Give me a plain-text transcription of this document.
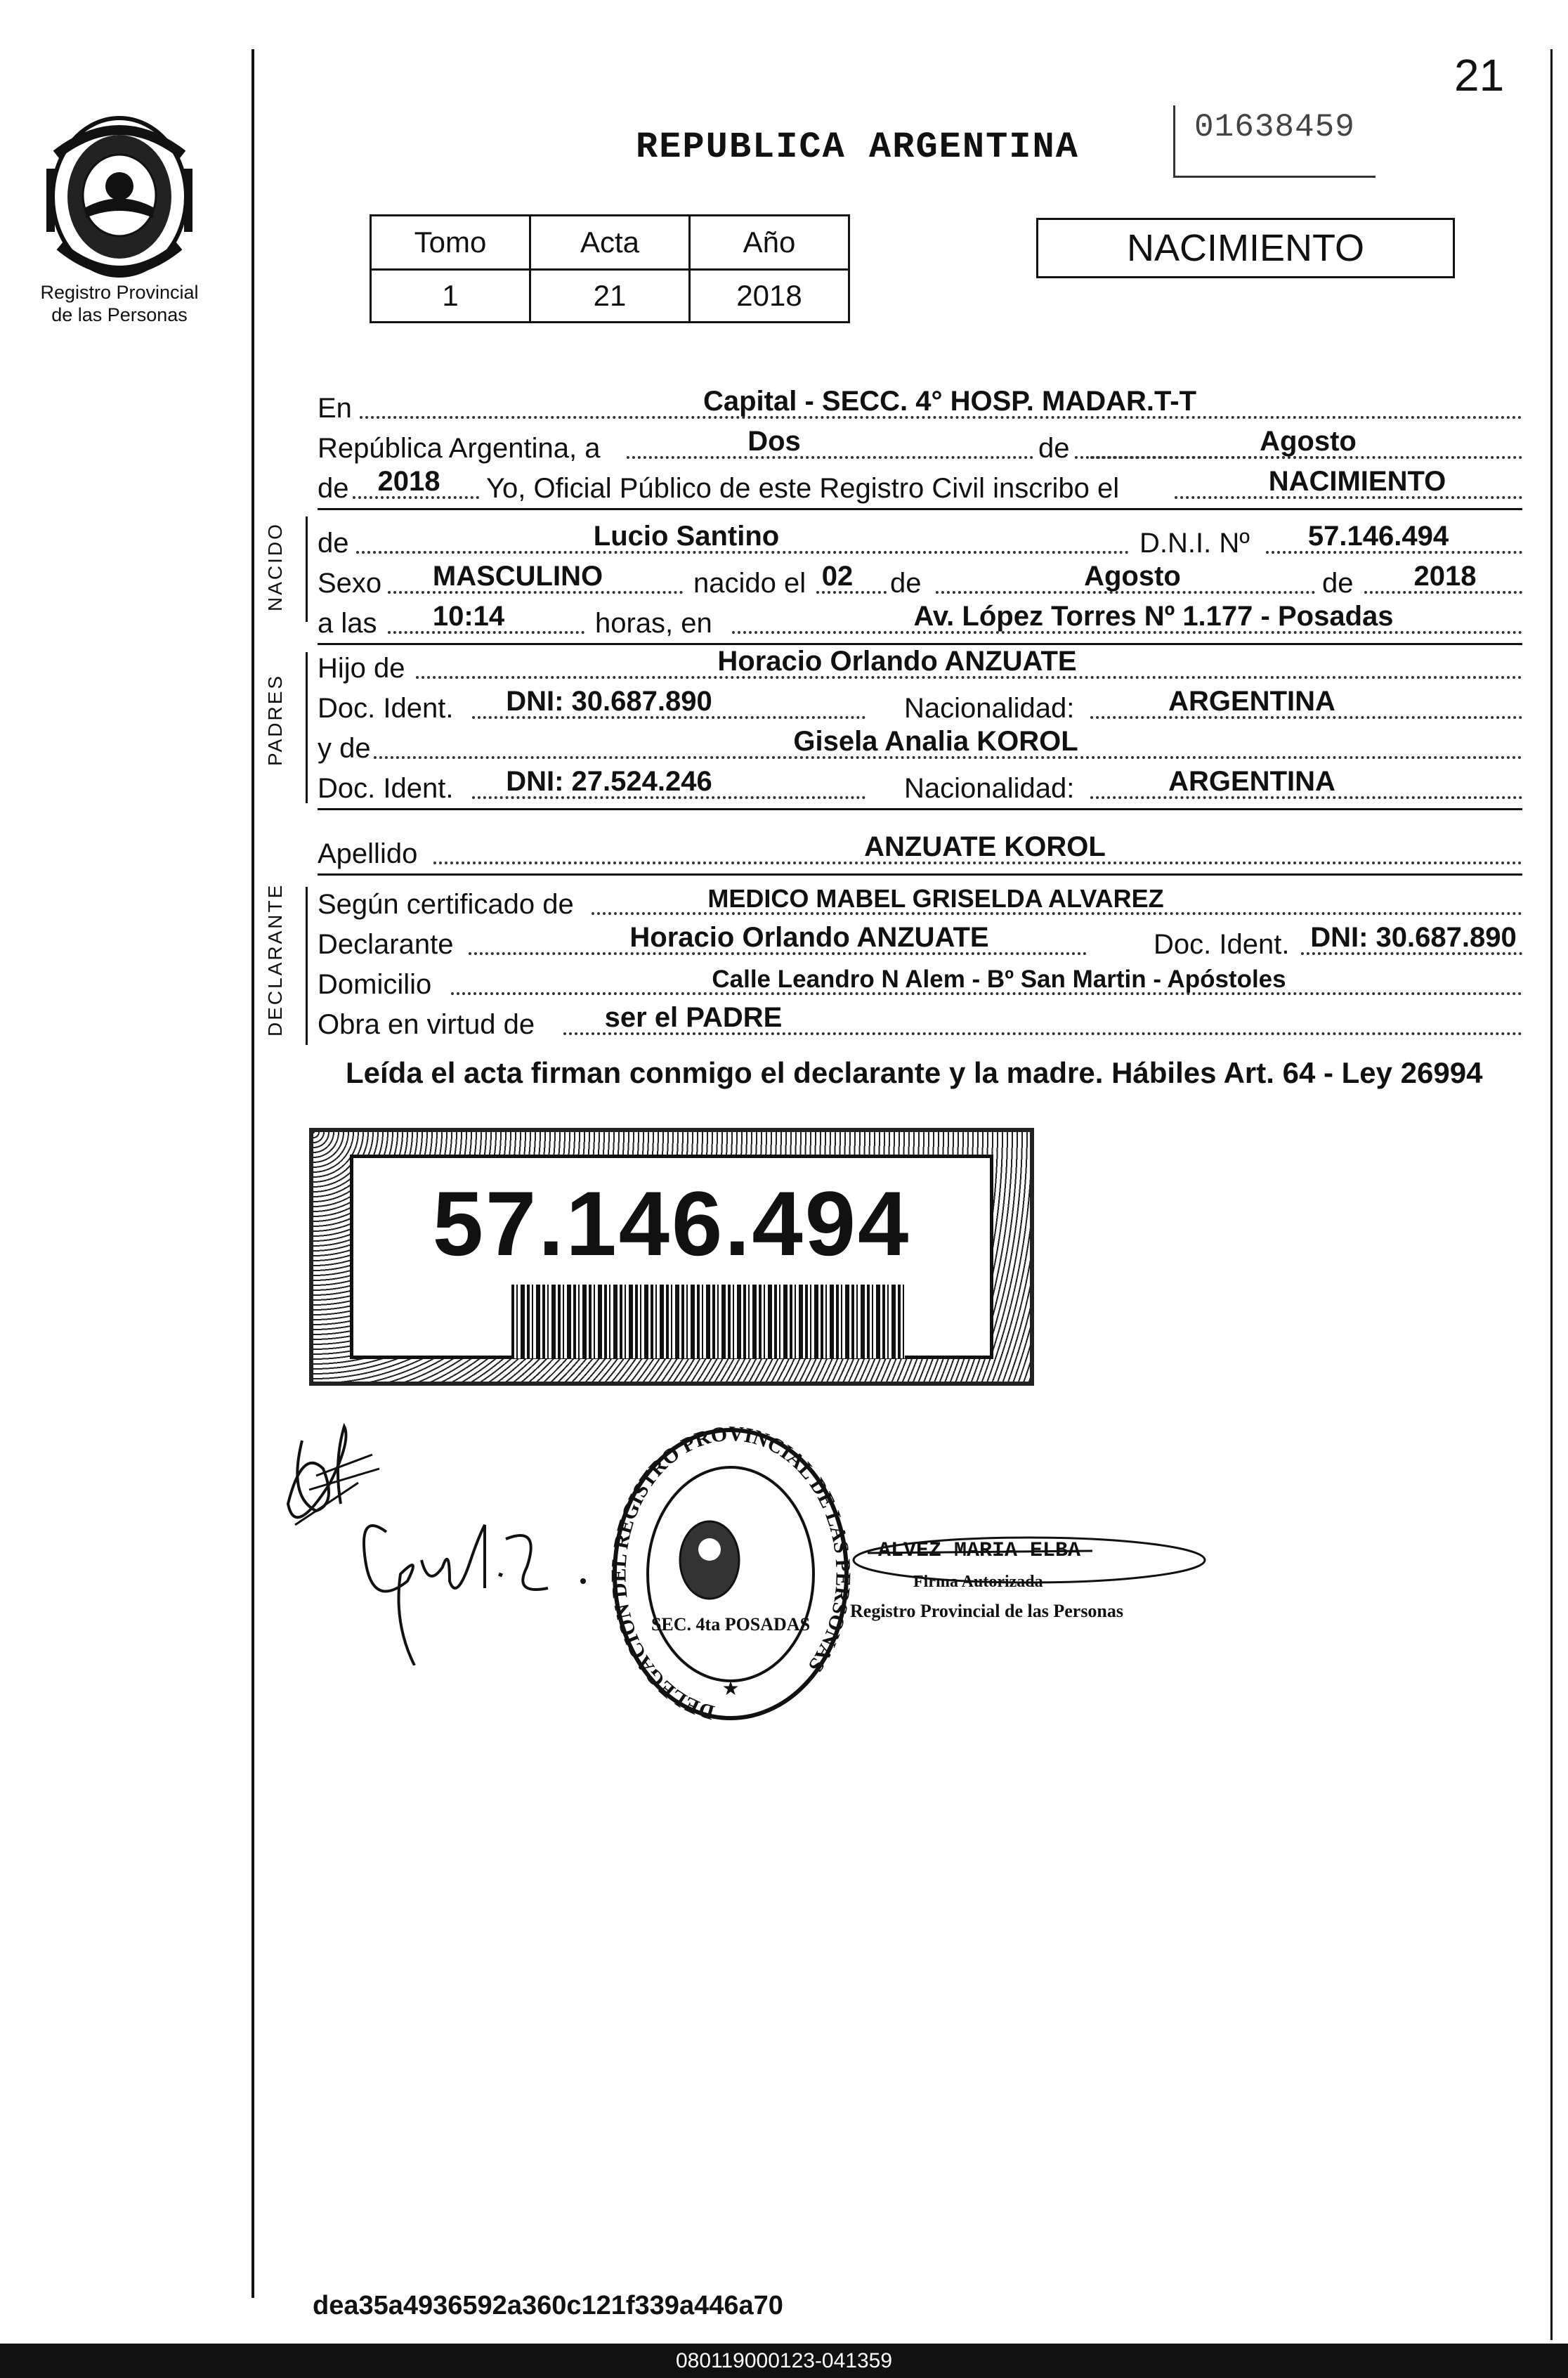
Registro Provincial
de las Personas
21
REPUBLICA ARGENTINA	01638459
Tomo	Acta	Año
1	21	2018
NACIMIENTO
En	Capital - SECC. 4° HOSP. MADAR.T-T
República Argentina, a	Dos	de	Agosto
de	2018	Yo, Oficial Público de este Registro Civil inscribo el	NACIMIENTO
NACIDO de	Lucio Santino	D.N.I. Nº	57.146.494
Sexo	MASCULINO	nacido el 02	de	Agosto	de	2018
a las	10:14	horas, en	Av. López Torres Nº 1.177 - Posadas
PADRES
Hijo de	Horacio Orlando ANZUATE
Doc. Ident.	DNI: 30.687.890	Nacionalidad:	ARGENTINA
y de	Gisela Analia KOROL
Doc. Ident.	DNI: 27.524.246	Nacionalidad:	ARGENTINA
Apellido	ANZUATE KOROL
DECLARANTE Según certificado de	MEDICO MABEL GRISELDA ALVAREZ
Declarante	Horacio Orlando ANZUATE	Doc. Ident. DNI: 30.687.890
Domicilio	Calle Leandro N Alem - Bº San Martin - Apóstoles
Obra en virtud de	ser el PADRE
Leída el acta firman conmigo el declarante y la madre. Hábiles Art. 64 - Ley 26994
57.146.494
DELEGACION DEL REGISTRO PROVINCIAL DE LAS PERSONAS
SEC. 4ta POSADAS
★
ALVEZ MARIA ELBA
Firma Autorizada
Registro Provincial de las Personas
dea35a4936592a360c121f339a446a70
080119000123-041359
